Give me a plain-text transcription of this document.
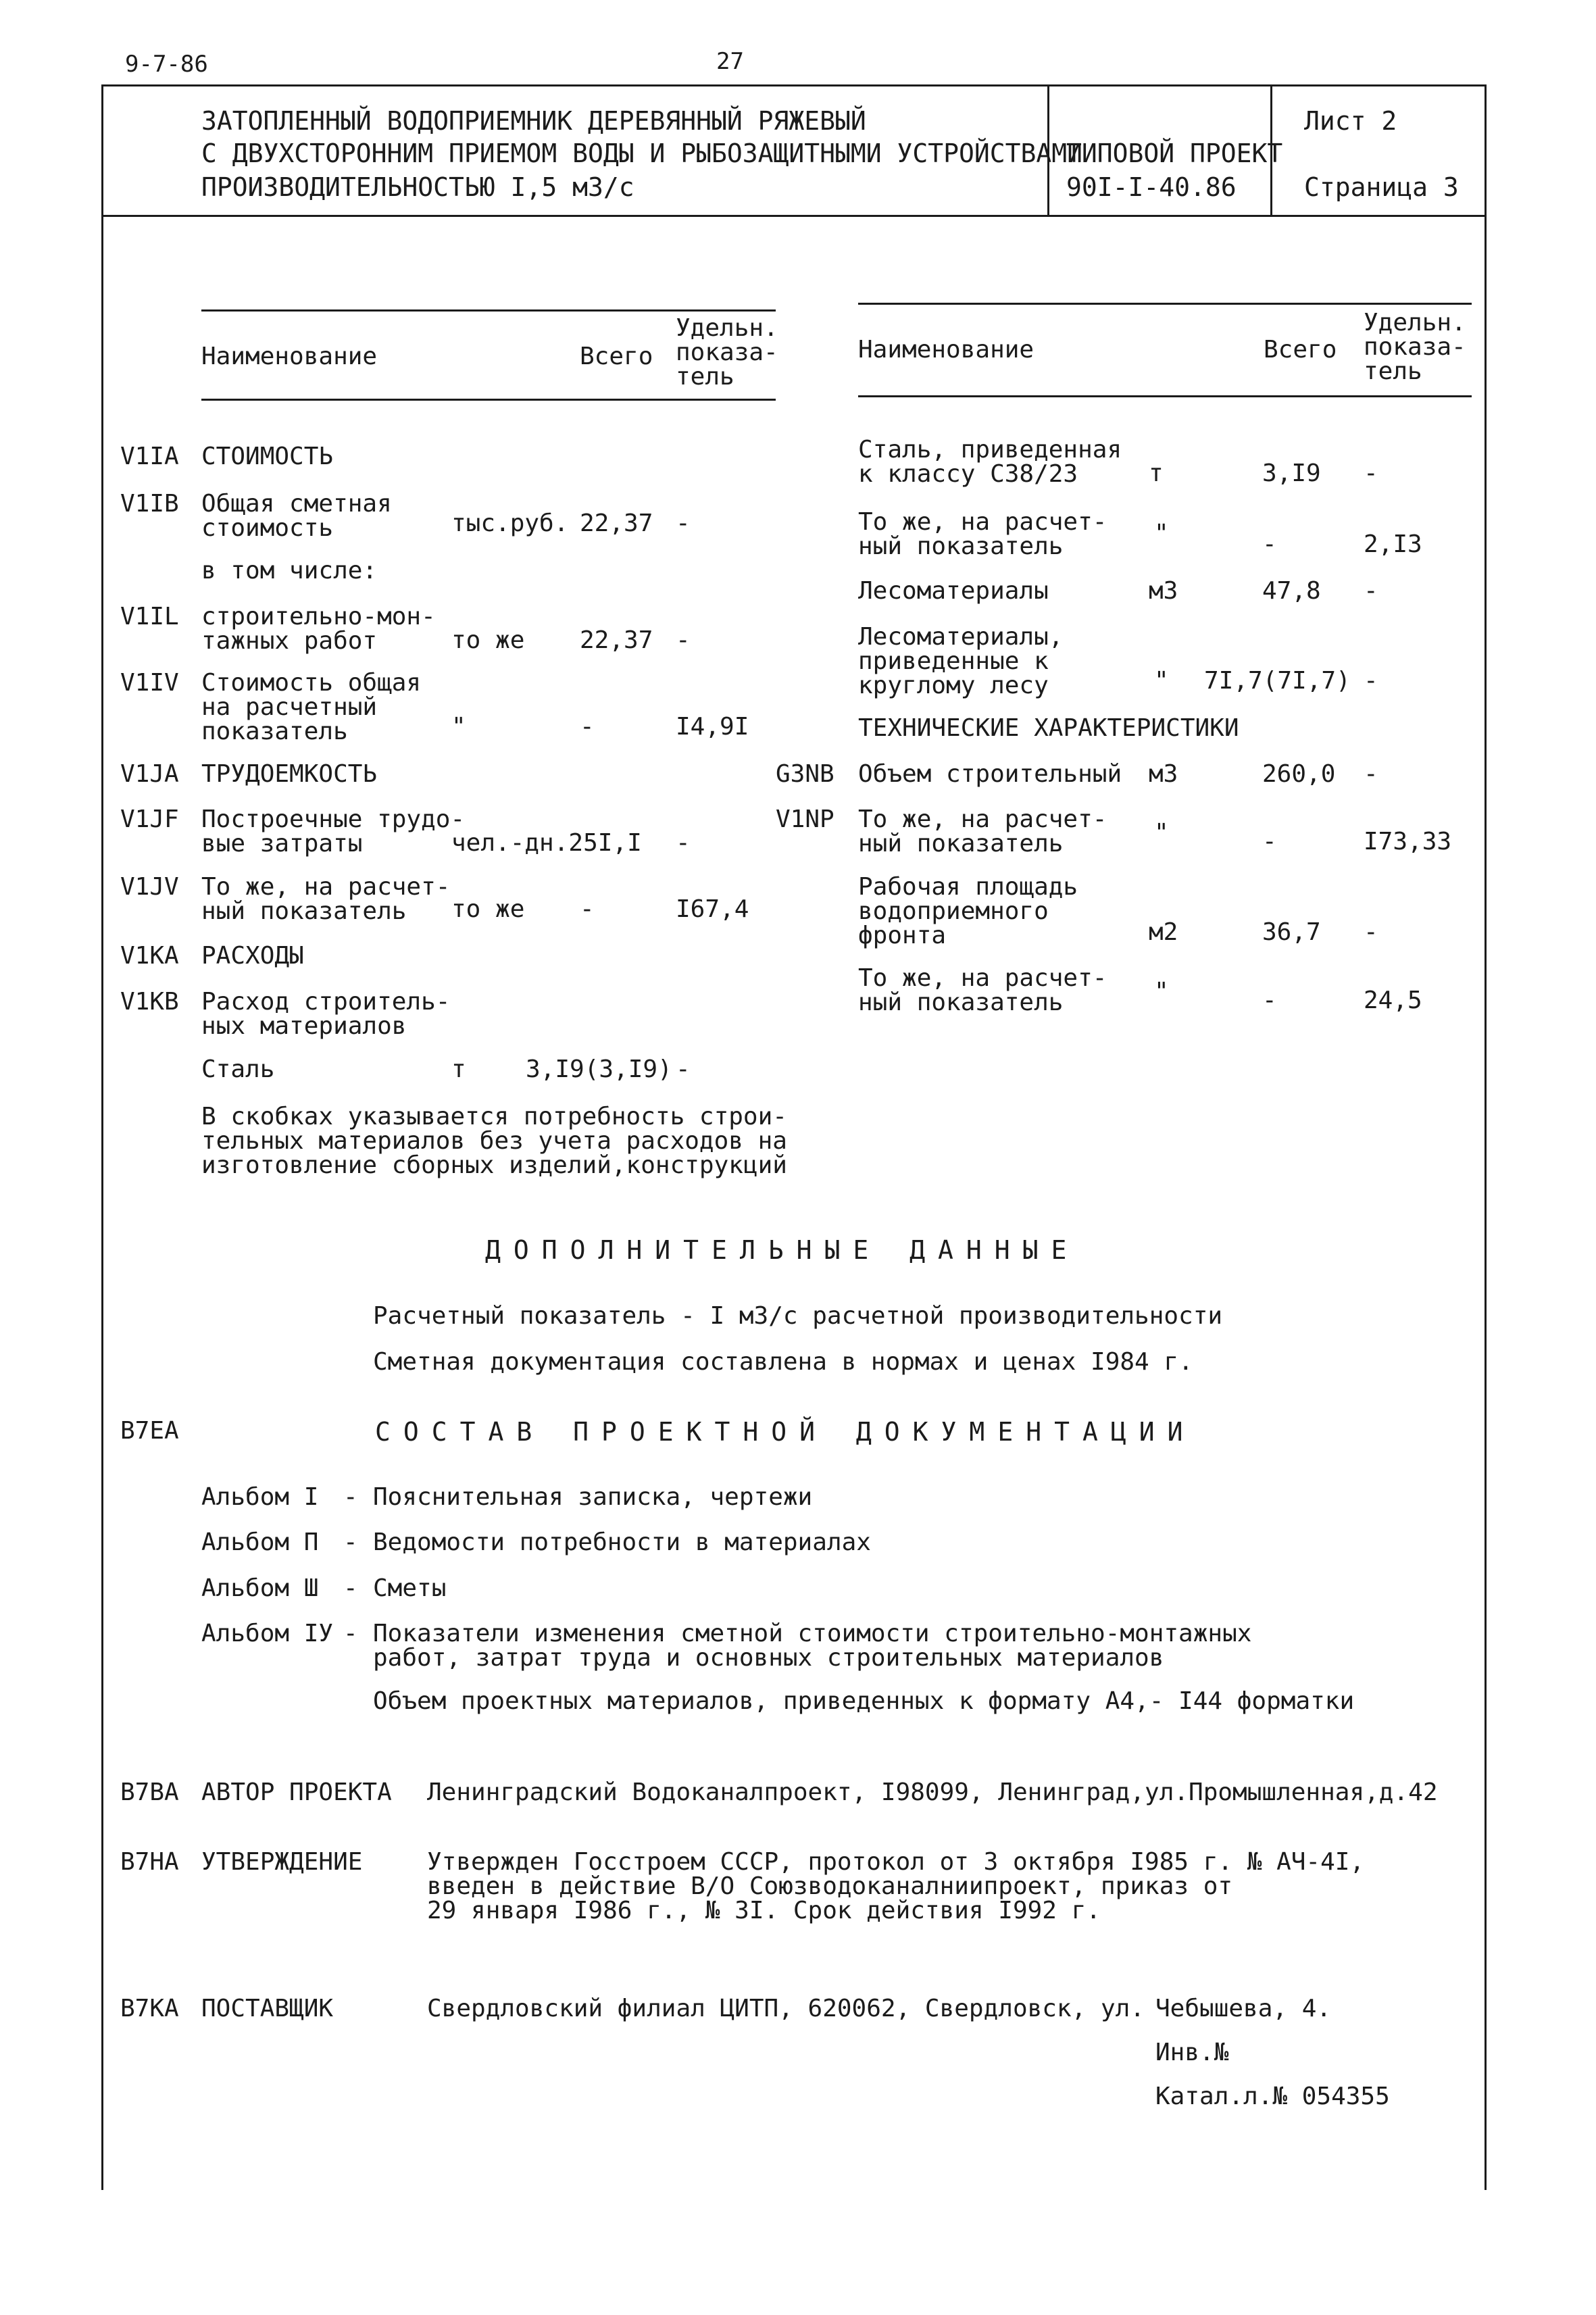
9-7-86	27
ЗАТОПЛЕННЫЙ ВОДОПРИЕМНИК ДЕРЕВЯННЫЙ РЯЖЕВЫЙ
С ДВУХСТОРОННИМ ПРИЕМОМ ВОДЫ И РЫБОЗАЩИТНЫМИ УСТРОЙСТВАМИ
ПРОИЗВОДИТЕЛЬНОСТЬЮ I,5 м3/с
ТИПОВОЙ ПРОЕКТ
90I-I-40.86
Лист 2
Страница 3
Наименование	Всего
Удельн.
показа-
тель
Наименование	Всего
Удельн.
показа-
тель
V1IA СТОИМОСТЬ
V1IB Общая сметная
стоимость	тыс.руб. 22,37 -
в том числе:
V1IL строительно-мон-
тажных работ	то же 22,37 -
V1IV Стоимость общая
на расчетный
показатель	"	-	I4,9I
V1JA ТРУДОЕМКОСТЬ
V1JF Построечные трудо-
вые затраты	чел.-дн.25I,I -
V1JV То же, на расчет-
ный показатель	то же -	I67,4
V1KA РАСХОДЫ
V1KB Расход строитель-
ных материалов
Сталь	т 3,I9(3,I9) -
В скобках указывается потребность строи-
тельных материалов без учета расходов на
изготовление сборных изделий,конструкций
Сталь, приведенная
к классу С38/23	т	3,I9 -
То же, на расчет-
ный показатель	"	-	2,I3
Лесоматериалы	м3	47,8 -
Лесоматериалы,
приведенные к
круглому лесу	" 7I,7(7I,7) -
ТЕХНИЧЕСКИЕ ХАРАКТЕРИСТИКИ
G3NB Объем строительный м3	260,0 -
V1NP То же, на расчет-
ный показатель	"	-	I73,33
Рабочая площадь
водоприемного
фронта	м2	36,7 -
То же, на расчет-
ный показатель	"	-	24,5
ДОПОЛНИТЕЛЬНЫЕ ДАННЫЕ
Расчетный показатель - I м3/с расчетной производительности
Сметная документация составлена в нормах и ценах I984 г.
B7EA	СОСТАВ ПРОЕКТНОЙ ДОКУМЕНТАЦИИ
Альбом I - Пояснительная записка, чертежи
Альбом П - Ведомости потребности в материалах
Альбом Ш - Сметы
Альбом IУ - Показатели изменения сметной стоимости строительно-монтажных
работ, затрат труда и основных строительных материалов
Объем проектных материалов, приведенных к формату А4,- I44 форматки
B7BA АВТОР ПРОЕКТА Ленинградский Водоканалпроект, I98099, Ленинград,ул.Промышленная,д.42
B7HA УТВЕРЖДЕНИЕ	Утвержден Госстроем СССР, протокол от 3 октября I985 г. № АЧ-4I,
введен в действие В/О Союзводоканалниипроект, приказ от
29 января I986 г., № 3I. Срок действия I992 г.
B7KA ПОСТАВЩИК	Свердловский филиал ЦИТП, 620062, Свердловск, ул. Чебышева, 4.
Инв.№
Катал.л.№ 054355
